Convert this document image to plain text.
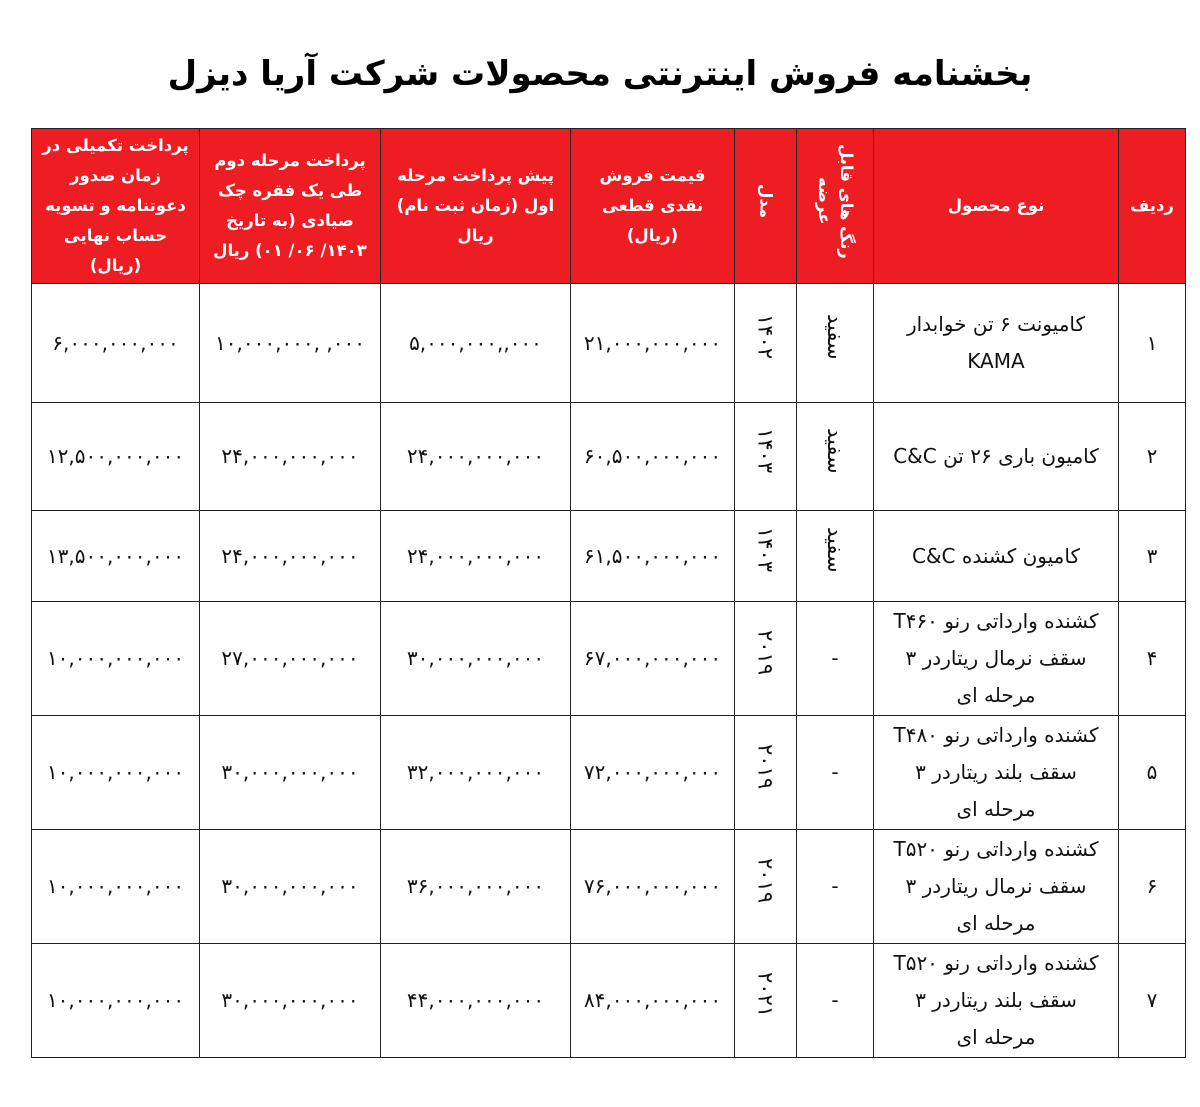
بخشنامه فروش اینترنتی محصولات شرکت آریا دیزل
ردیف	نوع محصول	رنگ های قابل عرضه	مدل	قیمت فروش نقدی قطعی (ریال)	پیش پرداخت مرحله اول (زمان ثبت نام) ریال	پرداخت مرحله دوم طی یک فقره چک صیادی (به تاریخ ۱۴۰۳/ ۰۶/ ۰۱) ریال	پرداخت تکمیلی در زمان صدور دعوتنامه و تسویه حساب نهایی (ریال)
۱	کامیونت ۶ تن خوابدار KAMA	سفید	۱۴۰۲	۲۱,۰۰۰,۰۰۰,۰۰۰	۵,۰۰۰,۰۰۰,,۰۰۰	۱۰,۰۰۰,۰۰۰, ,۰۰۰	۶,۰۰۰,۰۰۰,۰۰۰
۲	کامیون باری ۲۶ تن C&C	سفید	۱۴۰۳	۶۰,۵۰۰,۰۰۰,۰۰۰	۲۴,۰۰۰,۰۰۰,۰۰۰	۲۴,۰۰۰,۰۰۰,۰۰۰	۱۲,۵۰۰,۰۰۰,۰۰۰
۳	کامیون کشنده C&C	سفید	۱۴۰۳	۶۱,۵۰۰,۰۰۰,۰۰۰	۲۴,۰۰۰,۰۰۰,۰۰۰	۲۴,۰۰۰,۰۰۰,۰۰۰	۱۳,۵۰۰,۰۰۰,۰۰۰
۴	کشنده وارداتی رنو T۴۶۰ سقف نرمال ریتاردر ۳ مرحله ای	-	۲۰۱۹	۶۷,۰۰۰,۰۰۰,۰۰۰	۳۰,۰۰۰,۰۰۰,۰۰۰	۲۷,۰۰۰,۰۰۰,۰۰۰	۱۰,۰۰۰,۰۰۰,۰۰۰
۵	کشنده وارداتی رنو T۴۸۰ سقف بلند ریتاردر ۳ مرحله ای	-	۲۰۱۹	۷۲,۰۰۰,۰۰۰,۰۰۰	۳۲,۰۰۰,۰۰۰,۰۰۰	۳۰,۰۰۰,۰۰۰,۰۰۰	۱۰,۰۰۰,۰۰۰,۰۰۰
۶	کشنده وارداتی رنو T۵۲۰ سقف نرمال ریتاردر ۳ مرحله ای	-	۲۰۱۹	۷۶,۰۰۰,۰۰۰,۰۰۰	۳۶,۰۰۰,۰۰۰,۰۰۰	۳۰,۰۰۰,۰۰۰,۰۰۰	۱۰,۰۰۰,۰۰۰,۰۰۰
۷	کشنده وارداتی رنو T۵۲۰ سقف بلند ریتاردر ۳ مرحله ای	-	۲۰۲۱	۸۴,۰۰۰,۰۰۰,۰۰۰	۴۴,۰۰۰,۰۰۰,۰۰۰	۳۰,۰۰۰,۰۰۰,۰۰۰	۱۰,۰۰۰,۰۰۰,۰۰۰
